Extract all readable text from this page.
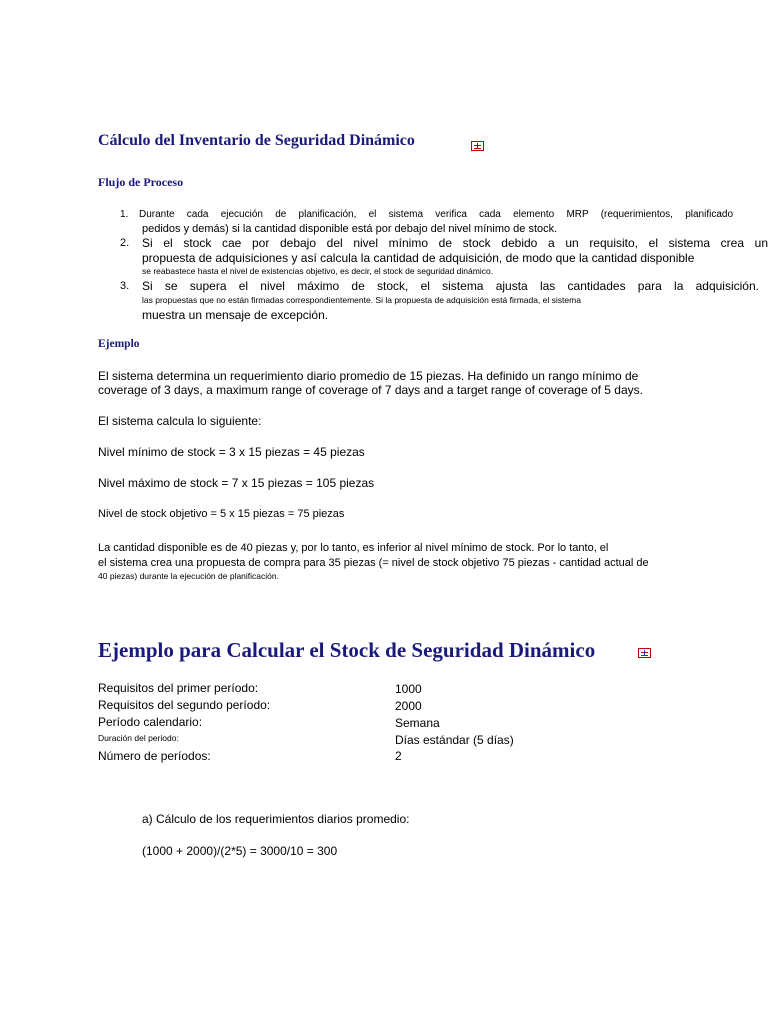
Cálculo del Inventario de Seguridad Dinámico
Flujo de Proceso
1. Durante cada ejecución de planificación, el sistema verifica cada elemento MRP (requerimientos, planificado
pedidos y demás) si la cantidad disponible está por debajo del nivel mínimo de stock.
2. Si el stock cae por debajo del nivel mínimo de stock debido a un requisito, el sistema crea un
propuesta de adquisiciones y así calcula la cantidad de adquisición, de modo que la cantidad disponible
se reabastece hasta el nivel de existencias objetivo, es decir, el stock de seguridad dinámico.
3. Si se supera el nivel máximo de stock, el sistema ajusta las cantidades para la adquisición.
las propuestas que no están firmadas correspondientemente. Si la propuesta de adquisición está firmada, el sistema
muestra un mensaje de excepción.
Ejemplo
El sistema determina un requerimiento diario promedio de 15 piezas. Ha definido un rango mínimo de
coverage of 3 days, a maximum range of coverage of 7 days and a target range of coverage of 5 days.
El sistema calcula lo siguiente:
Nivel mínimo de stock = 3 x 15 piezas = 45 piezas
Nivel máximo de stock = 7 x 15 piezas = 105 piezas
Nivel de stock objetivo = 5 x 15 piezas = 75 piezas
La cantidad disponible es de 40 piezas y, por lo tanto, es inferior al nivel mínimo de stock. Por lo tanto, el
el sistema crea una propuesta de compra para 35 piezas (= nivel de stock objetivo 75 piezas - cantidad actual de
40 piezas) durante la ejecución de planificación.
Ejemplo para Calcular el Stock de Seguridad Dinámico
Requisitos del primer período:	1000
Requisitos del segundo período:	2000
Período calendario:	Semana
Duración del periodo:	Días estándar (5 días)
Número de períodos:	2
a) Cálculo de los requerimientos diarios promedio:
(1000 + 2000)/(2*5) = 3000/10 = 300
